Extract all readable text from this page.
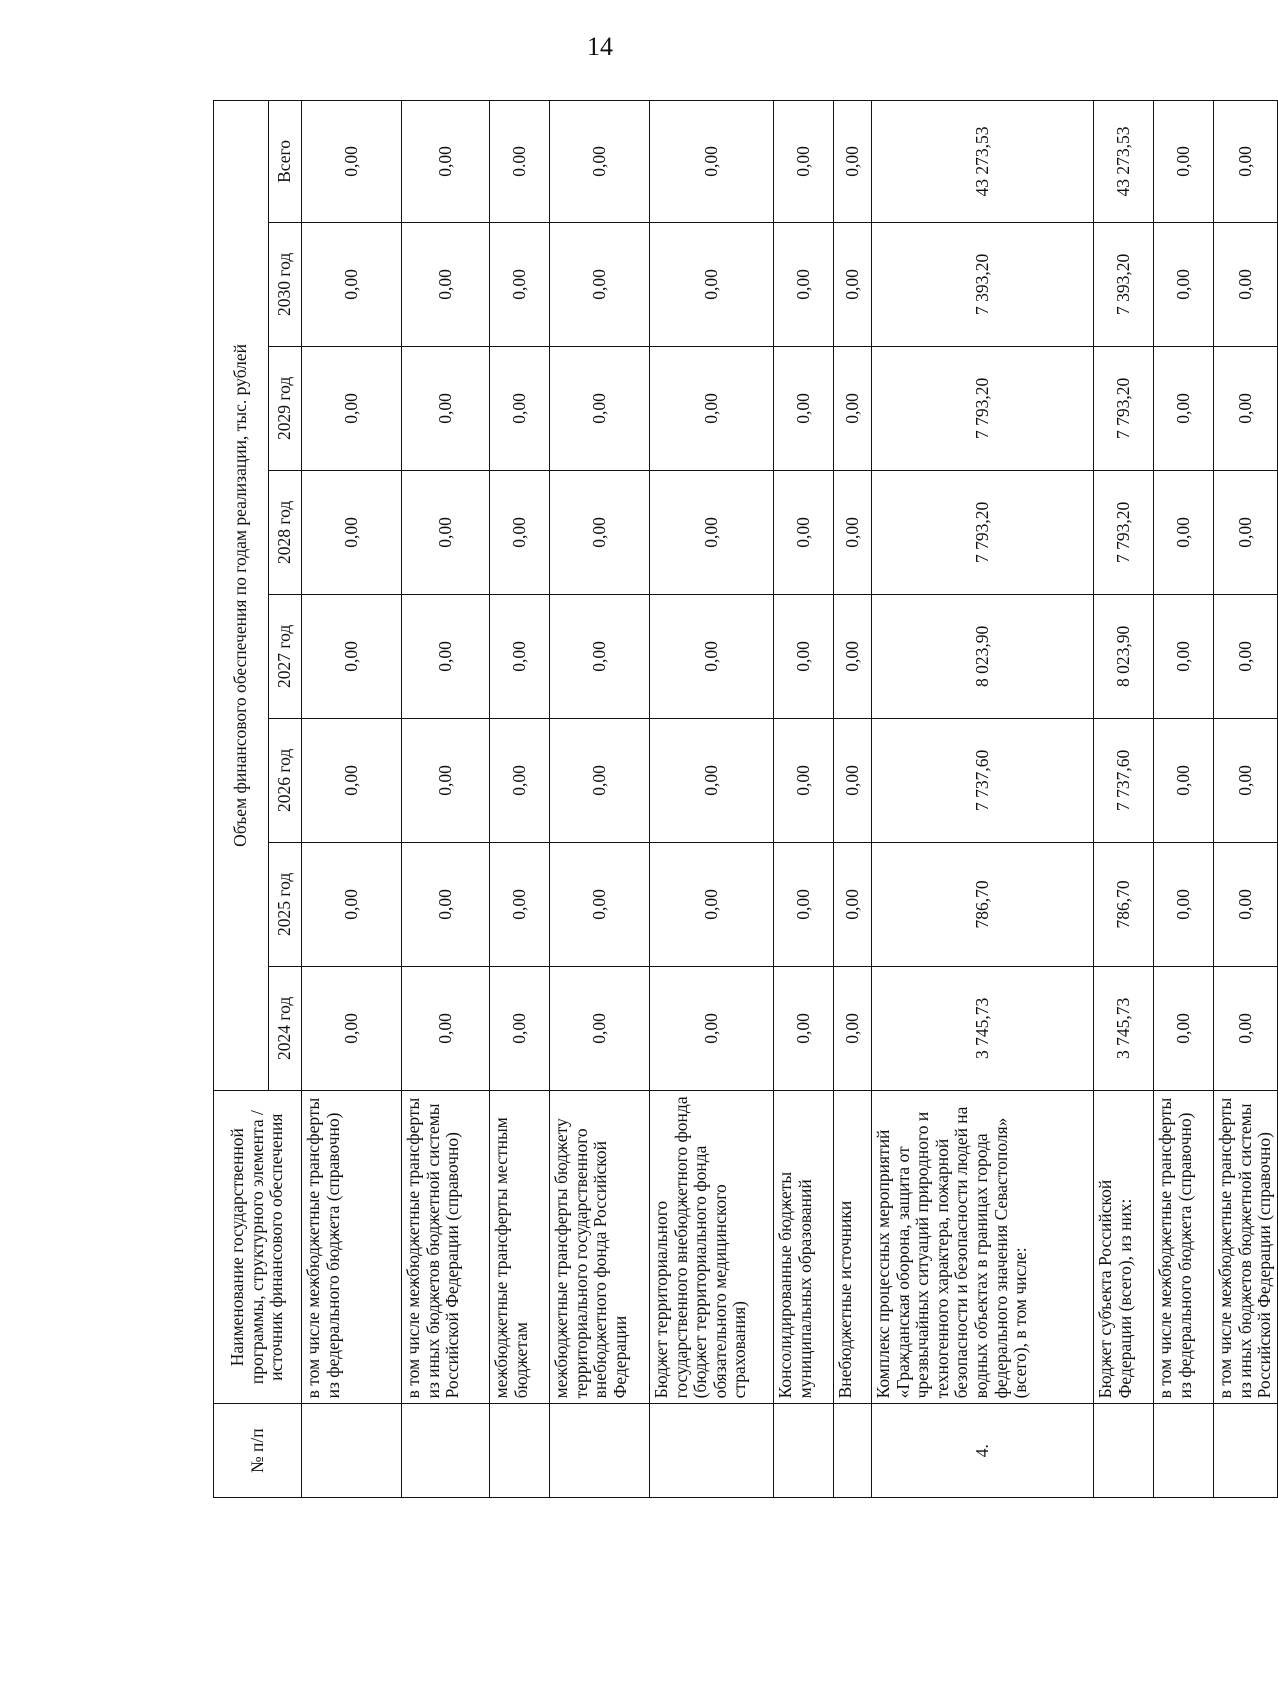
14
№ п/п	Наименование государственной программы, структурного элемента / источник финансового обеспечения	Объем финансового обеспечения по годам реализации, тыс. рублей							
		2024 год	2025 год	2026 год	2027 год	2028 год	2029 год	2030 год	Всего
	в том числе межбюджетные трансферты из федерального бюджета (справочно)	0,00	0,00	0,00	0,00	0,00	0,00	0,00	0,00
	в том числе межбюджетные трансферты из иных бюджетов бюджетной системы Российской Федерации (справочно)	0,00	0,00	0,00	0,00	0,00	0,00	0,00	0,00
	межбюджетные трансферты местным бюджетам	0,00	0,00	0,00	0,00	0,00	0,00	0,00	0.00
	межбюджетные трансферты бюджету территориального государственного внебюджетного фонда Российской Федерации	0,00	0,00	0,00	0,00	0,00	0,00	0,00	0,00
	Бюджет территориального государственного внебюджетного фонда (бюджет территориального фонда обязательного медицинского страхования)	0,00	0,00	0,00	0,00	0,00	0,00	0,00	0,00
	Консолидированные бюджеты муниципальных образований	0,00	0,00	0,00	0,00	0,00	0,00	0,00	0,00
	Внебюджетные источники	0,00	0,00	0,00	0,00	0,00	0,00	0,00	0,00
4.	Комплекс процессных мероприятий «Гражданская оборона, защита от чрезвычайных ситуаций природного и техногенного характера, пожарной безопасности и безопасности людей на водных объектах в границах города федерального значения Севастополя» (всего), в том числе:	3 745,73	786,70	7 737,60	8 023,90	7 793,20	7 793,20	7 393,20	43 273,53
	Бюджет субъекта Российской Федерации (всего), из них:	3 745,73	786,70	7 737,60	8 023,90	7 793,20	7 793,20	7 393,20	43 273,53
	в том числе межбюджетные трансферты из федерального бюджета (справочно)	0,00	0,00	0,00	0,00	0,00	0,00	0,00	0,00
	в том числе межбюджетные трансферты из иных бюджетов бюджетной системы Российской Федерации (справочно)	0,00	0,00	0,00	0,00	0,00	0,00	0,00	0,00
